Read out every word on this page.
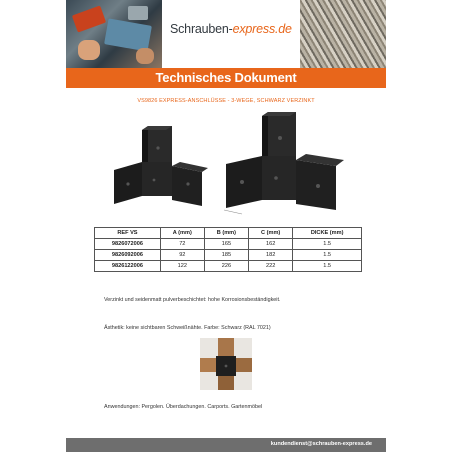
Schrauben-express.de
Technisches Dokument
VS9826 EXPRESS-ANSCHLÜSSE - 3-WEGE, SCHWARZ VERZINKT
REF VS	A (mm)	B (mm)	C (mm)	DICKE (mm)
9826072006	72	165	162	1.5
9826092006	92	185	182	1.5
9826122006	122	226	222	1.5
Verzinkt und seidenmatt pulverbeschichtet: hohe Korrosionsbeständigkeit.
Ästhetik: keine sichtbaren Schweißnähte. Farbe: Schwarz (RAL 7021)
Anwendungen: Pergolen. Überdachungen. Carports. Gartenmöbel
kundendienst@schrauben-express.de
